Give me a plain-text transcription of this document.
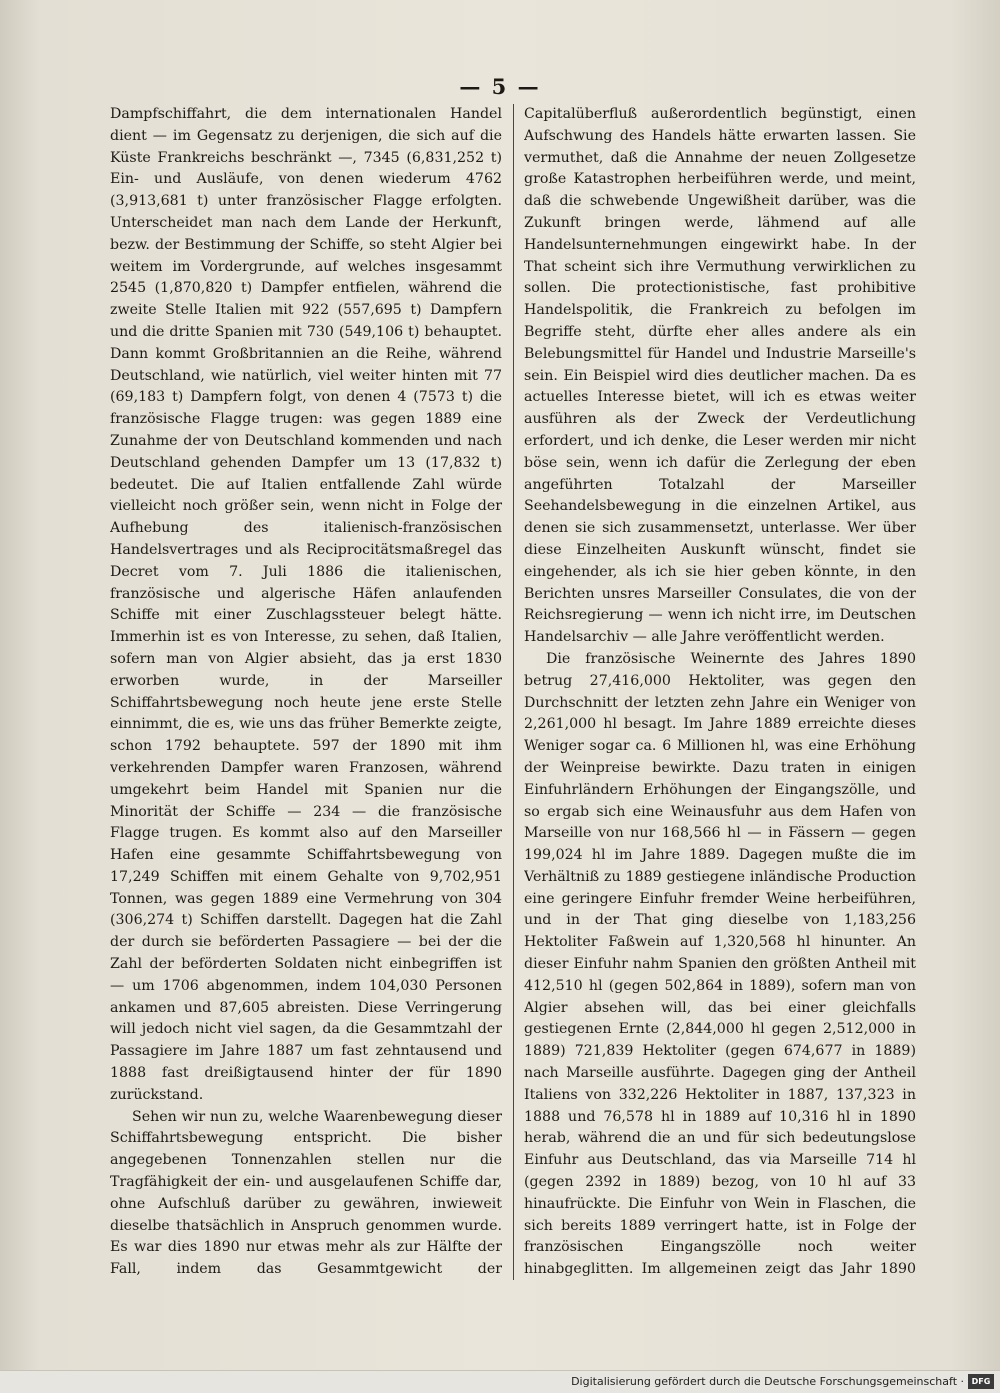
— 5 —

Dampfschiffahrt, die dem internationalen Handel dient — im Gegensatz zu derjenigen, die sich auf die Küste Frankreichs beschränkt —, 7345 (6,831,252 t) Ein- und Ausläufe, von denen wiederum 4762 (3,913,681 t) unter französischer Flagge erfolgten. Unterscheidet man nach dem Lande der Herkunft, bezw. der Bestimmung der Schiffe, so steht Algier bei weitem im Vordergrunde, auf welches insgesammt 2545 (1,870,820 t) Dampfer entfielen, während die zweite Stelle Italien mit 922 (557,695 t) Dampfern und die dritte Spanien mit 730 (549,106 t) behauptet. Dann kommt Großbritannien an die Reihe, während Deutschland, wie natürlich, viel weiter hinten mit 77 (69,183 t) Dampfern folgt, von denen 4 (7573 t) die französische Flagge trugen: was gegen 1889 eine Zunahme der von Deutschland kommenden und nach Deutschland gehenden Dampfer um 13 (17,832 t) bedeutet. Die auf Italien entfallende Zahl würde vielleicht noch größer sein, wenn nicht in Folge der Aufhebung des italienisch-französischen Handelsvertrages und als Reciprocitätsmaßregel das Decret vom 7. Juli 1886 die italienischen, französische und algerische Häfen anlaufenden Schiffe mit einer Zuschlagssteuer belegt hätte. Immerhin ist es von Interesse, zu sehen, daß Italien, sofern man von Algier absieht, das ja erst 1830 erworben wurde, in der Marseiller Schiffahrtsbewegung noch heute jene erste Stelle einnimmt, die es, wie uns das früher Bemerkte zeigte, schon 1792 behauptete. 597 der 1890 mit ihm verkehrenden Dampfer waren Franzosen, während umgekehrt beim Handel mit Spanien nur die Minorität der Schiffe — 234 — die französische Flagge trugen. Es kommt also auf den Marseiller Hafen eine gesammte Schiffahrtsbewegung von 17,249 Schiffen mit einem Gehalte von 9,702,951 Tonnen, was gegen 1889 eine Vermehrung von 304 (306,274 t) Schiffen darstellt. Dagegen hat die Zahl der durch sie beförderten Passagiere — bei der die Zahl der beförderten Soldaten nicht einbegriffen ist — um 1706 abgenommen, indem 104,030 Personen ankamen und 87,605 abreisten. Diese Verringerung will jedoch nicht viel sagen, da die Gesammtzahl der Passagiere im Jahre 1887 um fast zehntausend und 1888 fast dreißigtausend hinter der für 1890 zurückstand.

Sehen wir nun zu, welche Waarenbewegung dieser Schiffahrtsbewegung entspricht. Die bisher angegebenen Tonnenzahlen stellen nur die Tragfähigkeit der ein- und ausgelaufenen Schiffe dar, ohne Aufschluß darüber zu gewähren, inwieweit dieselbe thatsächlich in Anspruch genommen wurde. Es war dies 1890 nur etwas mehr als zur Hälfte der Fall, indem das Gesammtgewicht der

Capitalüberfluß außerordentlich begünstigt, einen Aufschwung des Handels hätte erwarten lassen. Sie vermuthet, daß die Annahme der neuen Zollgesetze große Katastrophen herbeiführen werde, und meint, daß die schwebende Ungewißheit darüber, was die Zukunft bringen werde, lähmend auf alle Handelsunternehmungen eingewirkt habe. In der That scheint sich ihre Vermuthung verwirklichen zu sollen. Die protectionistische, fast prohibitive Handelspolitik, die Frankreich zu befolgen im Begriffe steht, dürfte eher alles andere als ein Belebungsmittel für Handel und Industrie Marseille's sein. Ein Beispiel wird dies deutlicher machen. Da es actuelles Interesse bietet, will ich es etwas weiter ausführen als der Zweck der Verdeutlichung erfordert, und ich denke, die Leser werden mir nicht böse sein, wenn ich dafür die Zerlegung der eben angeführten Totalzahl der Marseiller Seehandelsbewegung in die einzelnen Artikel, aus denen sie sich zusammensetzt, unterlasse. Wer über diese Einzelheiten Auskunft wünscht, findet sie eingehender, als ich sie hier geben könnte, in den Berichten unsres Marseiller Consulates, die von der Reichsregierung — wenn ich nicht irre, im Deutschen Handelsarchiv — alle Jahre veröffentlicht werden.

Die französische Weinernte des Jahres 1890 betrug 27,416,000 Hektoliter, was gegen den Durchschnitt der letzten zehn Jahre ein Weniger von 2,261,000 hl besagt. Im Jahre 1889 erreichte dieses Weniger sogar ca. 6 Millionen hl, was eine Erhöhung der Weinpreise bewirkte. Dazu traten in einigen Einfuhrländern Erhöhungen der Eingangszölle, und so ergab sich eine Weinausfuhr aus dem Hafen von Marseille von nur 168,566 hl — in Fässern — gegen 199,024 hl im Jahre 1889. Dagegen mußte die im Verhältniß zu 1889 gestiegene inländische Production eine geringere Einfuhr fremder Weine herbeiführen, und in der That ging dieselbe von 1,183,256 Hektoliter Faßwein auf 1,320,568 hl hinunter. An dieser Einfuhr nahm Spanien den größten Antheil mit 412,510 hl (gegen 502,864 in 1889), sofern man von Algier absehen will, das bei einer gleichfalls gestiegenen Ernte (2,844,000 hl gegen 2,512,000 in 1889) 721,839 Hektoliter (gegen 674,677 in 1889) nach Marseille ausführte. Dagegen ging der Antheil Italiens von 332,226 Hektoliter in 1887, 137,323 in 1888 und 76,578 hl in 1889 auf 10,316 hl in 1890 herab, während die an und für sich bedeutungslose Einfuhr aus Deutschland, das via Marseille 714 hl (gegen 2392 in 1889) bezog, von 10 hl auf 33 hinaufrückte. Die Einfuhr von Wein in Flaschen, die sich bereits 1889 verringert hatte, ist in Folge der französischen Eingangszölle noch weiter hinabgeglitten. Im allgemeinen zeigt das Jahr 1890

Digitalisierung gefördert durch die Deutsche Forschungsgemeinschaft · DFG
